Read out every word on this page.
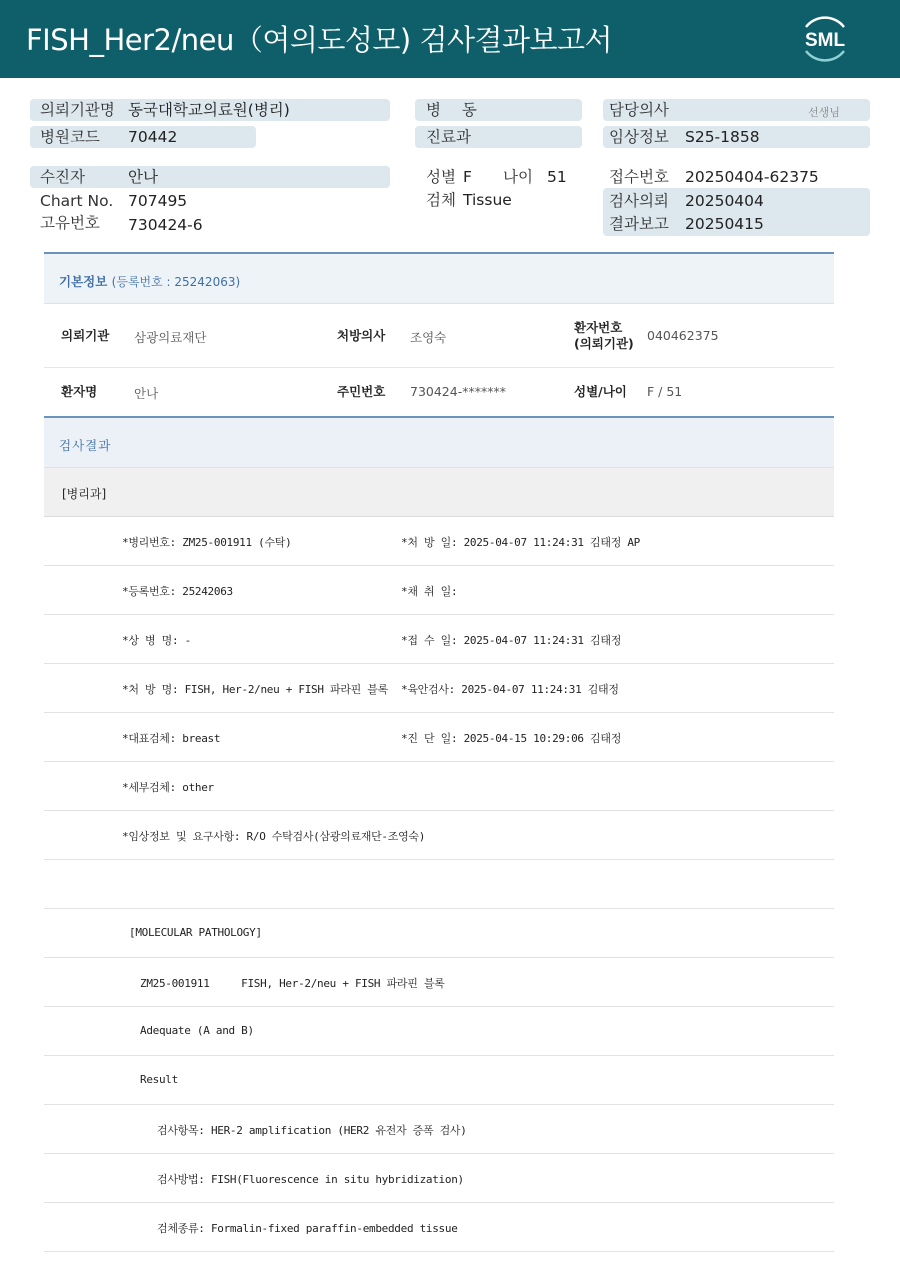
FISH_Her2/neu（여의도성모) 검사결과보고서	SML
의뢰기관명 동국대학교의료원(병리)
병원코드 70442
병 동
진료과
담당의사	선생님
임상정보 S25-1858
수진자	안나
Chart No. 707495
고유번호 730424-6
성별 F 나이 51
검체 Tissue
접수번호 20250404-62375
검사의뢰 20250404
결과보고 20250415
기본정보 (등록번호 : 25242063)
의뢰기관 삼광의료재단	처방의사 조영숙
환자번호
(의뢰기관)
040462375
환자명	안나	주민번호 730424-*******	성별/나이 F / 51
검사결과
[병리과]
*병리번호: ZM25-001911 (수탁)	*처 방 일: 2025-04-07 11:24:31 김태정 AP
*등록번호: 25242063	*채 취 일:
*상 병 명: -	*접 수 일: 2025-04-07 11:24:31 김태정
*처 방 명: FISH, Her-2/neu + FISH 파라핀 블록 *육안검사: 2025-04-07 11:24:31 김태정
*대표검체: breast	*진 단 일: 2025-04-15 10:29:06 김태정
*세부검체: other
*임상정보 및 요구사항: R/O 수탁검사(삼광의료재단-조영숙)
[MOLECULAR PATHOLOGY]
ZM25-001911     FISH, Her-2/neu + FISH 파라핀 블록
Adequate (A and B)
Result
검사항목: HER-2 amplification (HER2 유전자 증폭 검사)
검사방법: FISH(Fluorescence in situ hybridization)
검체종류: Formalin-fixed paraffin-embedded tissue
